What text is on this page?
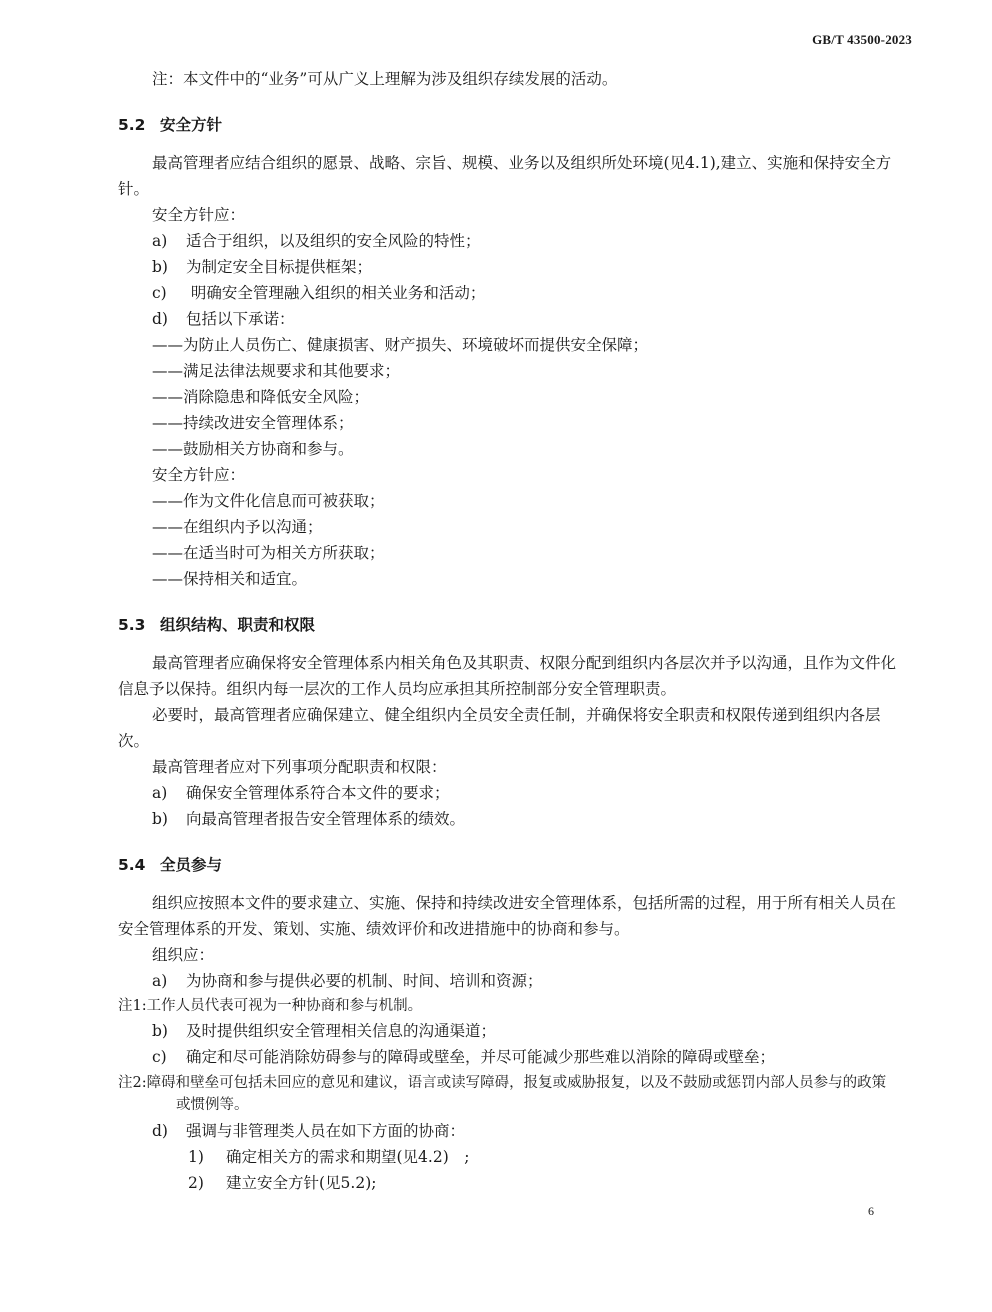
GB/T 43500-2023
注：本文件中的“业务”可从广义上理解为涉及组织存续发展的活动。
5.2 安全方针
最高管理者应结合组织的愿景、战略、宗旨、规模、业务以及组织所处环境(见4.1),建立、实施和保持安全方针。
安全方针应：
a) 适合于组织，以及组织的安全风险的特性；
b) 为制定安全目标提供框架；
c) 明确安全管理融入组织的相关业务和活动；
d) 包括以下承诺：
——为防止人员伤亡、健康损害、财产损失、环境破坏而提供安全保障；
——满足法律法规要求和其他要求；
——消除隐患和降低安全风险；
——持续改进安全管理体系；
——鼓励相关方协商和参与。
安全方针应：
——作为文件化信息而可被获取；
——在组织内予以沟通；
——在适当时可为相关方所获取；
——保持相关和适宜。
5.3 组织结构、职责和权限
最高管理者应确保将安全管理体系内相关角色及其职责、权限分配到组织内各层次并予以沟通，且作为文件化信息予以保持。组织内每一层次的工作人员均应承担其所控制部分安全管理职责。
必要时，最高管理者应确保建立、健全组织内全员安全责任制，并确保将安全职责和权限传递到组织内各层次。
最高管理者应对下列事项分配职责和权限：
a) 确保安全管理体系符合本文件的要求；
b) 向最高管理者报告安全管理体系的绩效。
5.4 全员参与
组织应按照本文件的要求建立、实施、保持和持续改进安全管理体系，包括所需的过程，用于所有相关人员在安全管理体系的开发、策划、实施、绩效评价和改进措施中的协商和参与。
组织应：
a) 为协商和参与提供必要的机制、时间、培训和资源；
注1:工作人员代表可视为一种协商和参与机制。
b) 及时提供组织安全管理相关信息的沟通渠道；
c) 确定和尽可能消除妨碍参与的障碍或壁垒，并尽可能减少那些难以消除的障碍或壁垒；
注2:障碍和壁垒可包括未回应的意见和建议，语言或读写障碍，报复或威胁报复，以及不鼓励或惩罚内部人员参与的政策或惯例等。
d) 强调与非管理类人员在如下方面的协商：
1) 确定相关方的需求和期望(见4.2)　;
2) 建立安全方针(见5.2);
6
